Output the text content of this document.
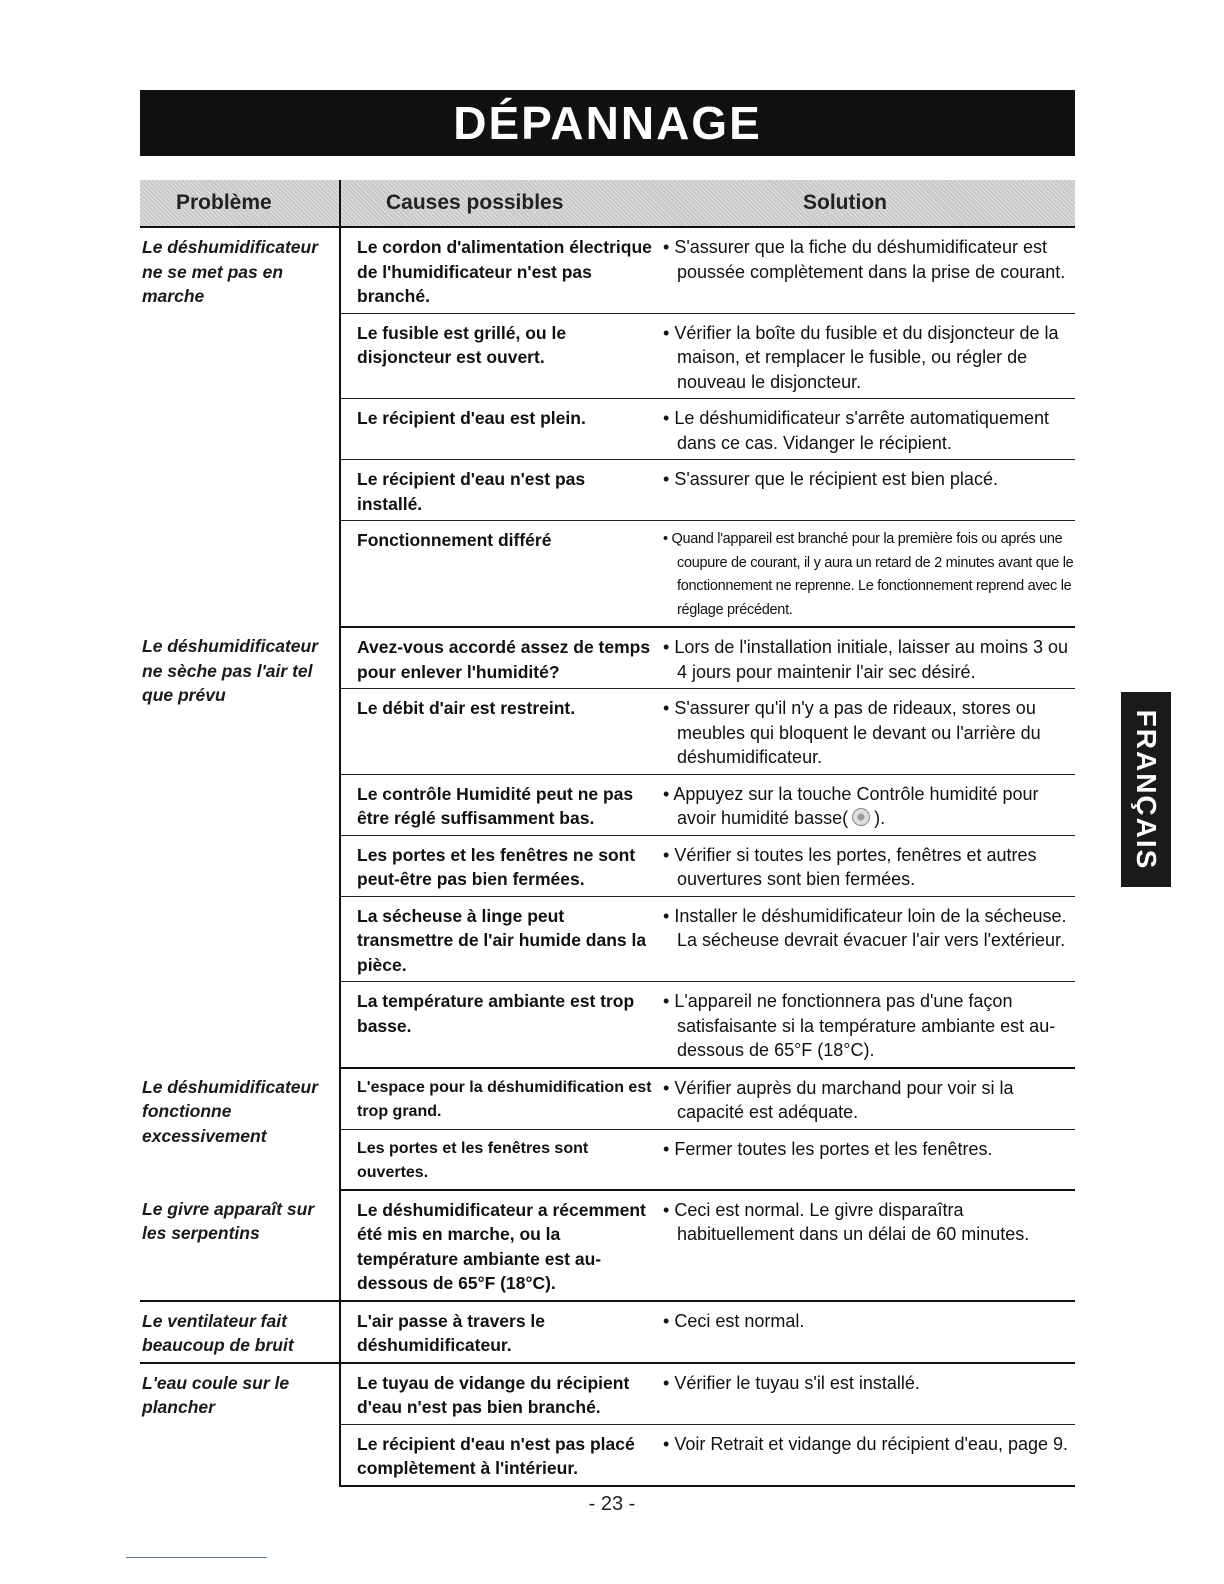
DÉPANNAGE
Problème	Causes possibles	Solution
Le déshumidificateur ne se met pas en marche	Le cordon d'alimentation électrique de l'humidificateur n'est pas branché.	• S'assurer que la fiche du déshumidificateur est poussée complètement dans la prise de courant.

	Le fusible est grillé, ou le disjoncteur est ouvert.	• Vérifier la boîte du fusible et du disjoncteur de la maison, et remplacer le fusible, ou régler de nouveau le disjoncteur.

	Le récipient d'eau est plein.	• Le déshumidificateur s'arrête automatiquement dans ce cas. Vidanger le récipient.

	Le récipient d'eau n'est pas installé.	• S'assurer que le récipient est bien placé.

	Fonctionnement différé	• Quand l'appareil est branché pour la première fois ou aprés une coupure de courant, il y aura un retard de 2 minutes avant que le fonctionnement ne reprenne. Le fonctionnement reprend avec le réglage précédent.

Le déshumidificateur ne sèche pas l'air tel que prévu	Avez-vous accordé assez de temps pour enlever l'humidité?	• Lors de l'installation initiale, laisser au moins 3 ou 4 jours pour maintenir l'air sec désiré.

	Le débit d'air est restreint.	• S'assurer qu'il n'y a pas de rideaux, stores ou meubles qui bloquent le devant ou l'arrière du déshumidificateur.

	Le contrôle Humidité peut ne pas être réglé suffisamment bas.	• Appuyez sur la touche Contrôle humidité pour avoir humidité basse( ).

	Les portes et les fenêtres ne sont peut-être pas bien fermées.	• Vérifier si toutes les portes, fenêtres et autres ouvertures sont bien fermées.

	La sécheuse à linge peut transmettre de l'air humide dans la pièce.	• Installer le déshumidificateur loin de la sécheuse. La sécheuse devrait évacuer l'air vers l'extérieur.

	La température ambiante est trop basse.	• L'appareil ne fonctionnera pas d'une façon satisfaisante si la température ambiante est au-dessous de 65°F (18°C).

Le déshumidificateur fonctionne excessivement	L'espace pour la déshumidification est trop grand.	• Vérifier auprès du marchand pour voir si la capacité est adéquate.

	Les portes et les fenêtres sont ouvertes.	• Fermer toutes les portes et les fenêtres.

Le givre apparaît sur les serpentins	Le déshumidificateur a récemment été mis en marche, ou la température ambiante est au-dessous de 65°F (18°C).	• Ceci est normal. Le givre disparaîtra habituellement dans un délai de 60 minutes.

Le ventilateur fait beaucoup de bruit	L'air passe à travers le déshumidificateur.	• Ceci est normal.

L'eau coule sur le plancher	Le tuyau de vidange du récipient d'eau n'est pas bien branché.	• Vérifier le tuyau s'il est installé.

	Le récipient d'eau n'est pas placé complètement à l'intérieur.	• Voir Retrait et vidange du récipient d'eau, page 9.
FRANÇAIS
- 23 -
